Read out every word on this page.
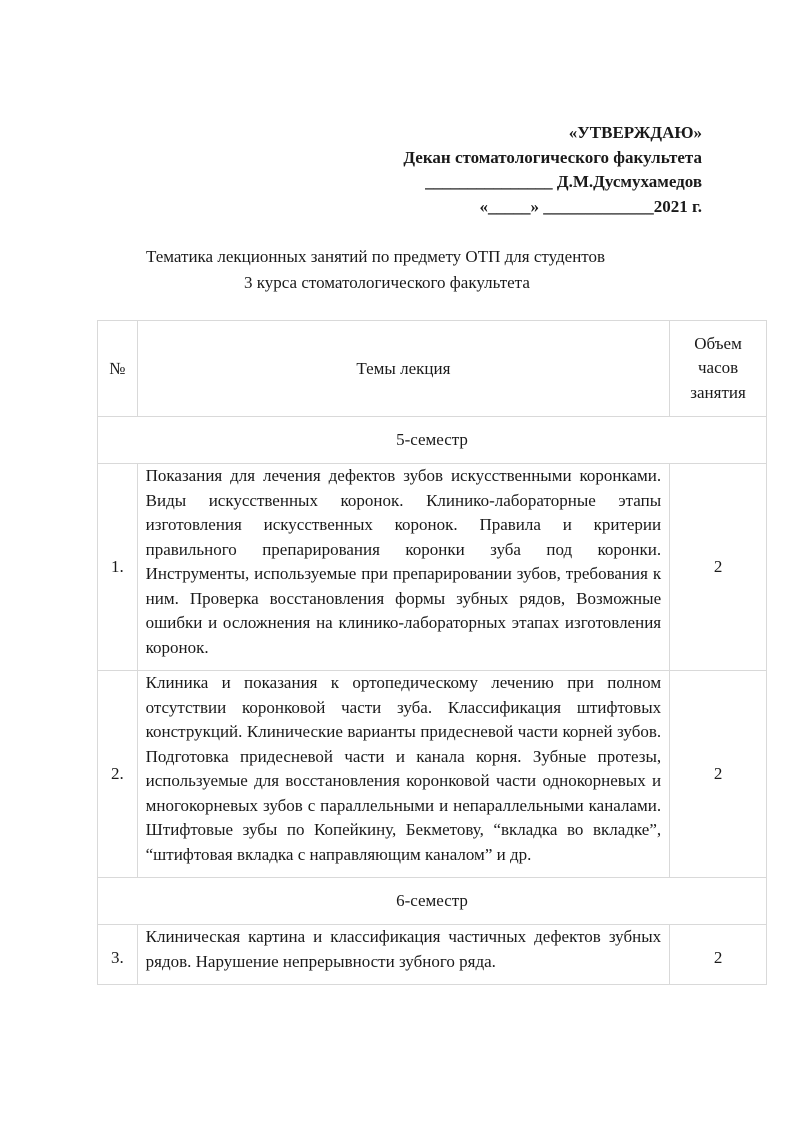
«УТВЕРЖДАЮ»
Декан стоматологического факультета
_______________ Д.М.Дусмухамедов
«_____» _____________2021 г.
Тематика лекционных занятий по предмету ОТП для студентов
3 курса стоматологического факультета
№	Темы лекция	Объем часов занятия
5-семестр		
1.	Показания для лечения дефектов зубов искусственными коронками. Виды искусственных коронок. Клинико-лабораторные этапы изготовления искусственных коронок. Правила и критерии правильного препарирования коронки зуба под коронки. Инструменты, используемые при препарировании зубов, требования к ним. Проверка восстановления формы зубных рядов, Возможные ошибки и осложнения на клинико-лабораторных этапах изготовления коронок.	2
2.	Клиника и показания к ортопедическому лечению при полном отсутствии коронковой части зуба. Классификация штифтовых конструкций. Клинические варианты придесневой части корней зубов. Подготовка придесневой части и канала корня. Зубные протезы, используемые для восстановления коронковой части однокорневых и многокорневых зубов с параллельными и непараллельными каналами. Штифтовые зубы по Копейкину, Бекметову, “вкладка во вкладке”, “штифтовая вкладка с направляющим каналом” и др.	2
6-семестр		
3.	Клиническая картина и классификация частичных дефектов зубных рядов. Нарушение непрерывности зубного ряда.	2
